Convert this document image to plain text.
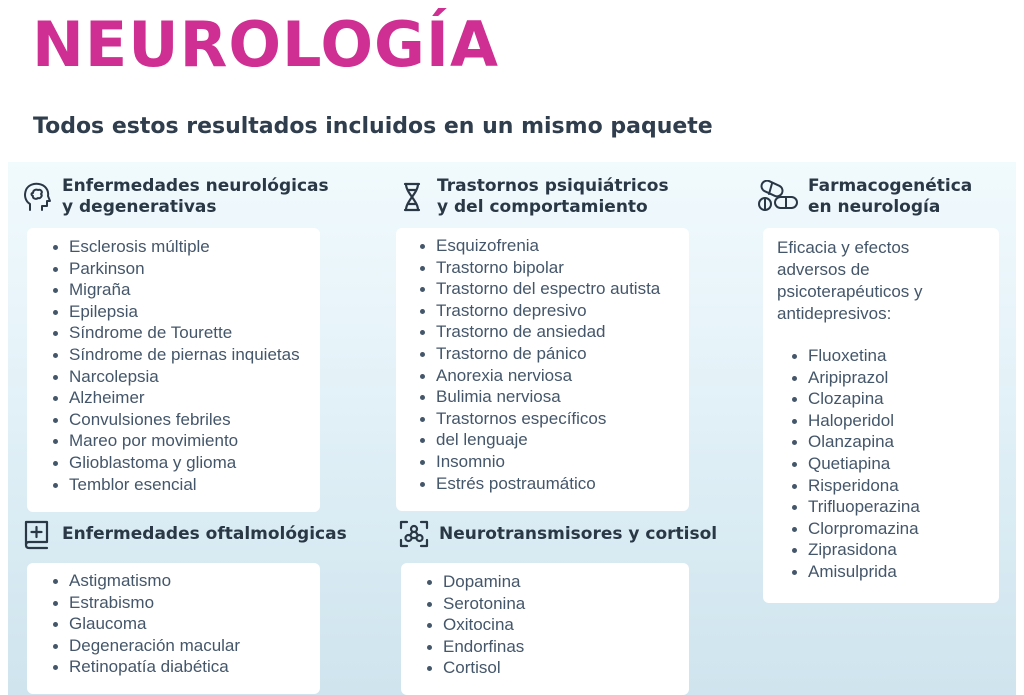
NEUROLOGÍA
Todos estos resultados incluidos en un mismo paquete
Enfermedades neurológicas
y degenerativas
Esclerosis múltiple
Parkinson
Migraña
Epilepsia
Síndrome de Tourette
Síndrome de piernas inquietas
Narcolepsia
Alzheimer
Convulsiones febriles
Mareo por movimiento
Glioblastoma y glioma
Temblor esencial
Trastornos psiquiátricos
y del comportamiento
Esquizofrenia
Trastorno bipolar
Trastorno del espectro autista
Trastorno depresivo
Trastorno de ansiedad
Trastorno de pánico
Anorexia nerviosa
Bulimia nerviosa
Trastornos específicos
del lenguaje
Insomnio
Estrés postraumático
Farmacogenética
en neurología

Eficacia y efectos

adversos de

psicoterapéuticos y

antidepresivos:

Fluoxetina
Aripiprazol
Clozapina
Haloperidol
Olanzapina
Quetiapina
Risperidona
Trifluoperazina
Clorpromazina
Ziprasidona
Amisulprida
Enfermedades oftalmológicas
Astigmatismo
Estrabismo
Glaucoma
Degeneración macular
Retinopatía diabética
Neurotransmisores y cortisol
Dopamina
Serotonina
Oxitocina
Endorfinas
Cortisol
